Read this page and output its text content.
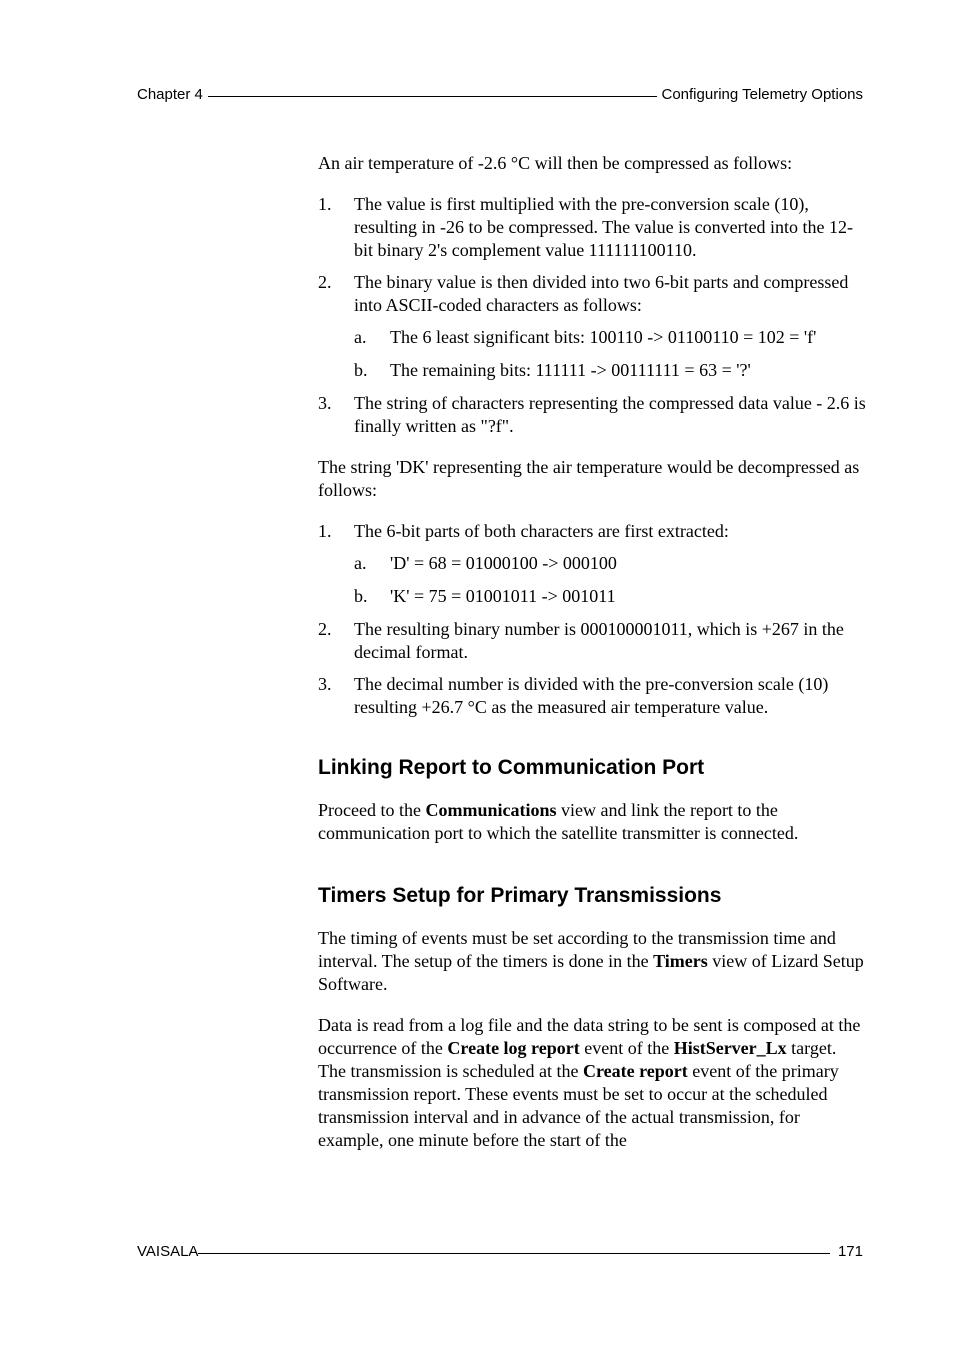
Chapter 4	Configuring Telemetry Options

An air temperature of -2.6 °C will then be compressed as follows:

1. The value is first multiplied with the pre-conversion scale (10), resulting in -26 to be compressed. The value is converted into the 12-bit binary 2's complement value 111111100110.
2. The binary value is then divided into two 6-bit parts and compressed into ASCII-coded characters as follows:
a. The 6 least significant bits: 100110 -> 01100110 = 102 = 'f'
b. The remaining bits: 111111 -> 00111111 = 63 = '?'
3. The string of characters representing the compressed data value - 2.6 is finally written as "?f".

The string 'DK' representing the air temperature would be decompressed as follows:

1. The 6-bit parts of both characters are first extracted:
a. 'D' = 68 = 01000100 -> 000100
b. 'K' = 75 = 01001011 -> 001011
2. The resulting binary number is 000100001011, which is +267 in the decimal format.
3. The decimal number is divided with the pre-conversion scale (10) resulting +26.7 °C as the measured air temperature value.
Linking Report to Communication Port

Proceed to the Communications view and link the report to the communication port to which the satellite transmitter is connected.

Timers Setup for Primary Transmissions

The timing of events must be set according to the transmission time and interval. The setup of the timers is done in the Timers view of Lizard Setup Software.

Data is read from a log file and the data string to be sent is composed at the occurrence of the Create log report event of the HistServer_Lx target. The transmission is scheduled at the Create report event of the primary transmission report. These events must be set to occur at the scheduled transmission interval and in advance of the actual transmission, for example, one minute before the start of the

VAISALA	171
